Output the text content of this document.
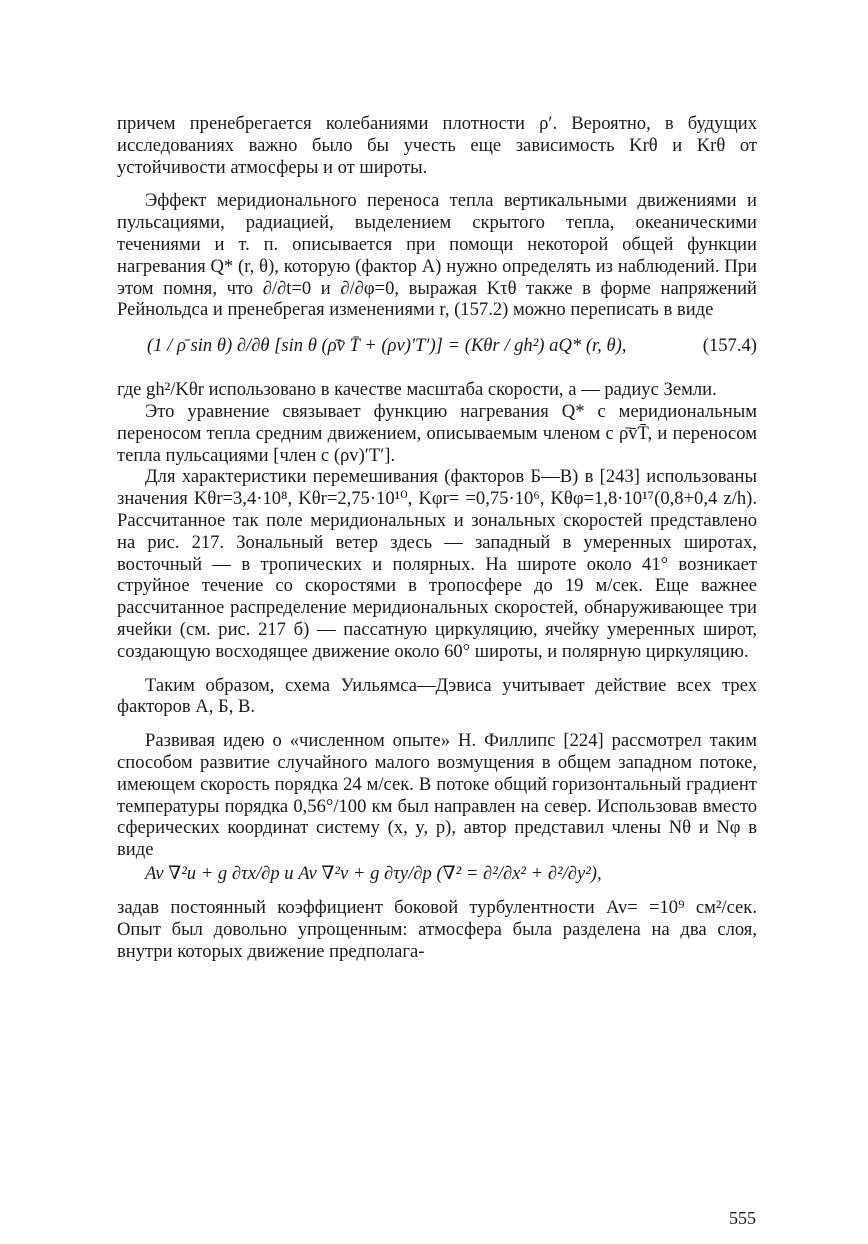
причем пренебрегается колебаниями плотности ρ′. Вероятно, в будущих исследованиях важно было бы учесть еще зависимость Krθ и Krθ от устойчивости атмосферы и от широты.

Эффект меридионального переноса тепла вертикальными движениями и пульсациями, радиацией, выделением скрытого тепла, океаническими течениями и т. п. описывается при помощи некоторой общей функции нагревания Q* (r, θ), которую (фактор А) нужно определять из наблюдений. При этом помня, что ∂/∂t=0 и ∂/∂φ=0, выражая Kτθ также в форме напряжений Рейнольдса и пренебрегая изменениями r, (157.2) можно переписать в виде

(1 / ρ̄ sin θ) ∂/∂θ [sin θ (ρ̄v̄ T̄ + (ρv)′T′)] = (Kθr / gh²) aQ* (r, θ),	(157.4)

где gh²/Kθr использовано в качестве масштаба скорости, a — радиус Земли.

Это уравнение связывает функцию нагревания Q* с меридиональным переносом тепла средним движением, описываемым членом с ρ̄v̄T̄, и переносом тепла пульсациями [член с (ρv)′T′].

Для характеристики перемешивания (факторов Б—В) в [243] использованы значения Kθr=3,4·10⁸, Kθr=2,75·10¹⁰, Kφr= =0,75·10⁶, Kθφ=1,8·10¹⁷(0,8+0,4 z/h). Рассчитанное так поле меридиональных и зональных скоростей представлено на рис. 217. Зональный ветер здесь — западный в умеренных широтах, восточный — в тропических и полярных. На широте около 41° возникает струйное течение со скоростями в тропосфере до 19 м/сек. Еще важнее рассчитанное распределение меридиональных скоростей, обнаруживающее три ячейки (см. рис. 217 б) — пассатную циркуляцию, ячейку умеренных широт, создающую восходящее движение около 60° широты, и полярную циркуляцию.

Таким образом, схема Уильямса—Дэвиса учитывает действие всех трех факторов А, Б, В.

Развивая идею о «численном опыте» Н. Филлипс [224] рассмотрел таким способом развитие случайного малого возмущения в общем западном потоке, имеющем скорость порядка 24 м/сек. В потоке общий горизонтальный градиент температуры порядка 0,56°/100 км был направлен на север. Использовав вместо сферических координат систему (x, y, p), автор представил члены Nθ и Nφ в виде

Av ∇²u + g ∂τx/∂p и Av ∇²v + g ∂τy/∂p (∇² = ∂²/∂x² + ∂²/∂y²),

задав постоянный коэффициент боковой турбулентности Av= =10⁹ см²/сек. Опыт был довольно упрощенным: атмосфера была разделена на два слоя, внутри которых движение предполага-

555
